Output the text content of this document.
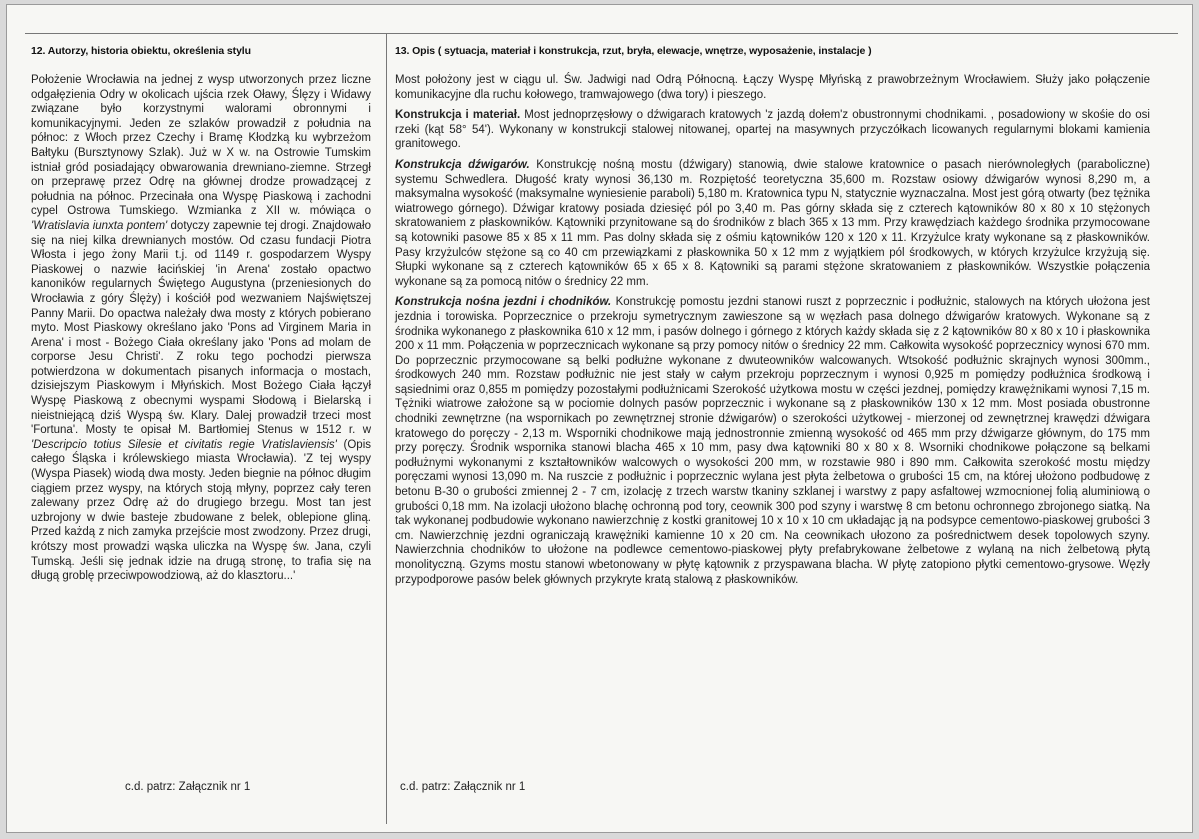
12. Autorzy, historia obiektu, określenia stylu	13. Opis ( sytuacja, materiał i konstrukcja, rzut, bryła, elewacje, wnętrze, wyposażenie, instalacje )

Położenie Wrocławia na jednej z wysp utworzonych przez liczne odgałęzienia Odry w okolicach ujścia rzek Oławy, Ślęzy i Widawy związane było korzystnymi walorami obronnymi i komunikacyjnymi. Jeden ze szlaków prowadził z południa na północ: z Włoch przez Czechy i Bramę Kłodzką ku wybrzeżom Bałtyku (Bursztynowy Szlak). Już w X w. na Ostrowie Tumskim istniał gród posiadający obwarowania drewniano-ziemne. Strzegł on przeprawę przez Odrę na głównej drodze prowadzącej z południa na północ. Przecinała ona Wyspę Piaskową i zachodni cypel Ostrowa Tumskiego. Wzmianka z XII w. mówiąca o 'Wratislavia iunxta pontem' dotyczy zapewnie tej drogi. Znajdowało się na niej kilka drewnianych mostów. Od czasu fundacji Piotra Włosta i jego żony Marii t.j. od 1149 r. gospodarzem Wyspy Piaskowej o nazwie łacińskiej 'in Arena' zostało opactwo kanoników regularnych Świętego Augustyna (przeniesionych do Wrocławia z góry Ślęży) i kościół pod wezwaniem Najświętszej Panny Marii. Do opactwa należały dwa mosty z których pobierano myto. Most Piaskowy określano jako 'Pons ad Virginem Maria in Arena' i most - Bożego Ciała określany jako 'Pons ad molam de corporse Jesu Christi'. Z roku tego pochodzi pierwsza potwierdzona w dokumentach pisanych informacja o mostach, dzisiejszym Piaskowym i Młyńskich. Most Bożego Ciała łączył Wyspę Piaskową z obecnymi wyspami Słodową i Bielarską i nieistniejącą dziś Wyspą św. Klary. Dalej prowadził trzeci most 'Fortuna'. Mosty te opisał M. Bartłomiej Stenus w 1512 r. w 'Descripcio totius Silesie et civitatis regie Vratislaviensis' (Opis całego Śląska i królewskiego miasta Wrocławia). 'Z tej wyspy (Wyspa Piasek) wiodą dwa mosty. Jeden biegnie na północ długim ciągiem przez wyspy, na których stoją młyny, poprzez cały teren zalewany przez Odrę aż do drugiego brzegu. Most tan jest uzbrojony w dwie basteje zbudowane z belek, oblepione gliną. Przed każdą z nich zamyka przejście most zwodzony. Przez drugi, krótszy most prowadzi wąska uliczka na Wyspę św. Jana, czyli Tumską. Jeśli się jednak idzie na drugą stronę, to trafia się na długą groblę przeciwpowodziową, aż do klasztoru...'

Most położony jest w ciągu ul. Św. Jadwigi nad Odrą Północną. Łączy Wyspę Młyńską z prawobrzeżnym Wrocławiem. Służy jako połączenie komunikacyjne dla ruchu kołowego, tramwajowego (dwa tory) i pieszego.

Konstrukcja i materiał. Most jednoprzęsłowy o dźwigarach kratowych 'z jazdą dołem'z obustronnymi chodnikami. , posadowiony w skośie do osi rzeki (kąt 58° 54'). Wykonany w konstrukcji stalowej nitowanej, opartej na masywnych przyczółkach licowanych regularnymi blokami kamienia granitowego.

Konstrukcja dźwigarów. Konstrukcję nośną mostu (dźwigary) stanowią, dwie stalowe kratownice o pasach nierównoległych (paraboliczne) systemu Schwedlera. Długość kraty wynosi 36,130 m. Rozpiętość teoretyczna 35,600 m. Rozstaw osiowy dźwigarów wynosi 8,290 m, a maksymalna wysokość (maksymalne wyniesienie paraboli) 5,180 m. Kratownica typu N, statycznie wyznaczalna. Most jest górą otwarty (bez tężnika wiatrowego górnego). Dźwigar kratowy posiada dziesięć pól po 3,40 m. Pas górny składa się z czterech kątowników 80 x 80 x 10 stężonych skratowaniem z płaskowników. Kątowniki przynitowane są do środników z blach 365 x 13 mm. Przy krawędziach każdego środnika przymocowane są kotowniki pasowe 85 x 85 x 11 mm. Pas dolny składa się z ośmiu kątowników 120 x 120 x 11. Krzyżulce kraty wykonane są z płaskowników. Pasy krzyżulców stężone są co 40 cm przewiązkami z płaskownika 50 x 12 mm z wyjątkiem pól środkowych, w których krzyżulce krzyżują się. Słupki wykonane są z czterech kątowników 65 x 65 x 8. Kątowniki są parami stężone skratowaniem z płaskowników. Wszystkie połączenia wykonane są za pomocą nitów o średnicy 22 mm.

Konstrukcja nośna jezdni i chodników. Konstrukcję pomostu jezdni stanowi ruszt z poprzecznic i podłużnic, stalowych na których ułożona jest jezdnia i torowiska. Poprzecznice o przekroju symetrycznym zawieszone są w węzłach pasa dolnego dźwigarów kratowych. Wykonane są z środnika wykonanego z płaskownika 610 x 12 mm, i pasów dolnego i górnego z których każdy składa się z 2 kątowników 80 x 80 x 10 i płaskownika 200 x 11 mm. Połączenia w poprzecznicach wykonane są przy pomocy nitów o średnicy 22 mm. Całkowita wysokość poprzecznicy wynosi 670 mm. Do poprzecznic przymocowane są belki podłużne wykonane z dwuteowników walcowanych. Wtsokość podłużnic skrajnych wynosi 300mm., środkowych 240 mm. Rozstaw podłużnic nie jest stały w całym przekroju poprzecznym i wynosi 0,925 m pomiędzy podłużnica środkową i sąsiednimi oraz 0,855 m pomiędzy pozostałymi podłużnicami Szerokość użytkowa mostu w części jezdnej, pomiędzy krawężnikami wynosi 7,15 m. Tężniki wiatrowe założone są w pociomie dolnych pasów poprzecznic i wykonane są z płaskowników 130 x 12 mm. Most posiada obustronne chodniki zewnętrzne (na wspornikach po zewnętrznej stronie dźwigarów) o szerokości użytkowej - mierzonej od zewnętrznej krawędzi dźwigara kratowego do poręczy - 2,13 m. Wsporniki chodnikowe mają jednostronnie zmienną wysokość od 465 mm przy dźwigarze głównym, do 175 mm przy poręczy. Środnik wspornika stanowi blacha 465 x 10 mm, pasy dwa kątowniki 80 x 80 x 8. Wsorniki chodnikowe połączone są belkami podłużnymi wykonanymi z kształtowników walcowych o wysokości 200 mm, w rozstawie 980 i 890 mm. Całkowita szerokość mostu między poręczami wynosi 13,090 m. Na ruszcie z podłużnic i poprzecznic wylana jest płyta żelbetowa o grubości 15 cm, na której ułożono podbudowę z betonu B-30 o grubości zmiennej 2 - 7 cm, izolację z trzech warstw tkaniny szklanej i warstwy z papy asfaltowej wzmocnionej folią aluminiową o grubości 0,18 mm. Na izolacji ułożono blachę ochronną pod tory, ceownik 300 pod szyny i warstwę 8 cm betonu ochronnego zbrojonego siatką. Na tak wykonanej podbudowie wykonano nawierzchnię z kostki granitowej 10 x 10 x 10 cm układając ją na podsypce cementowo-piaskowej grubości 3 cm. Nawierzchnię jezdni ograniczają krawężniki kamienne 10 x 20 cm. Na ceownikach ułozono za pośrednictwem desek topolowych szyny. Nawierzchnia chodników to ułożone na podlewce cementowo-piaskowej płyty prefabrykowane żelbetowe z wylaną na nich żelbetową płytą monolityczną. Gzyms mostu stanowi wbetonowany w płytę kątownik z przyspawana blacha. W płytę zatopiono płytki cementowo-grysowe. Węzły przypodporowe pasów belek głównych przykryte kratą stalową z płaskowników.

c.d. patrz: Załącznik nr 1	c.d. patrz: Załącznik nr 1
